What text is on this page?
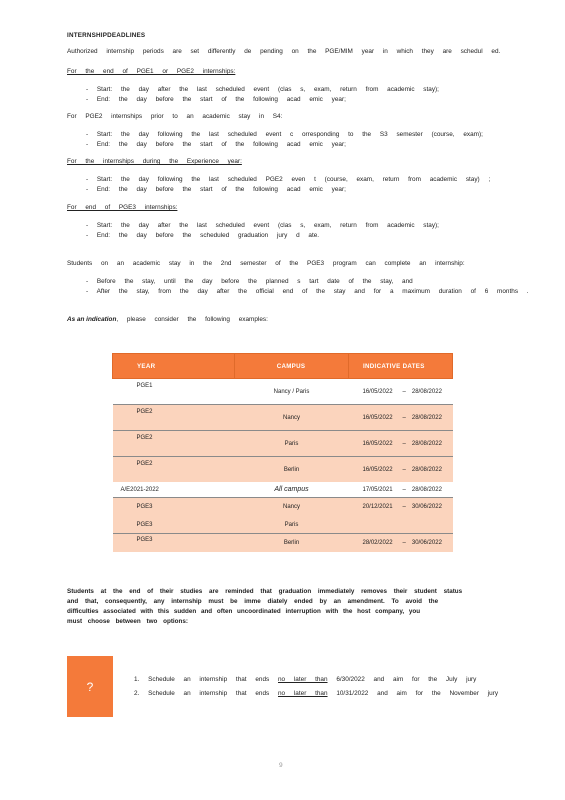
INTERNSHIPDEADLINES
Authorized internship periods are set differently de pending on the PGE/MIM year in which they are schedul ed.
For the end of PGE1 or PGE2 internships:
- Start: the day after the last scheduled event (clas s, exam, return from academic stay);
- End: the day before the start of the following acad emic year;
For PGE2 internships prior to an academic stay in S4:
- Start: the day following the last scheduled event c orresponding to the S3 semester (course, exam);
- End: the day before the start of the following acad emic year;
For the internships during the Experience year:
- Start: the day following the last scheduled PGE2 even t (course, exam, return from academic stay) ;
- End: the day before the start of the following acad emic year;
For end of PGE3 internships:
- Start: the day after the last scheduled event (clas s, exam, return from academic stay);
- End: the day before the scheduled graduation jury d ate.
Students on an academic stay in the 2nd semester of the PGE3 program can complete an internship:
- Before the stay, until the day before the planned s tart date of the stay, and
- After the stay, from the day after the official end of the stay and for a maximum duration of 6 months .
As an indication, please consider the following examples:
YEAR	CAMPUS	INDICATIVE DATES
PGE1	Nancy / Paris	16/05/2022 – 28/08/2022
PGE2	Nancy	16/05/2022 – 28/08/2022
PGE2	Paris	16/05/2022 – 28/08/2022
PGE2	Berlin	16/05/2022 – 28/08/2022
A/E2021-2022	All campus	17/05/2021 – 28/08/2022
PGE3	Nancy	20/12/2021 – 30/06/2022
PGE3	Paris	
PGE3	Berlin	28/02/2022 – 30/06/2022
Students at the end of their studies are reminded that graduation immediately removes their student status
and that, consequently, any internship must be imme diately ended by an amendment. To avoid the
difficulties associated with this sudden and often uncoordinated interruption with the host company, you
must choose between two options:
?	1. Schedule an internship that ends no later than 6/30/2022 and aim for the July jury
2. Schedule an internship that ends no later than 10/31/2022 and aim for the November jury
9
